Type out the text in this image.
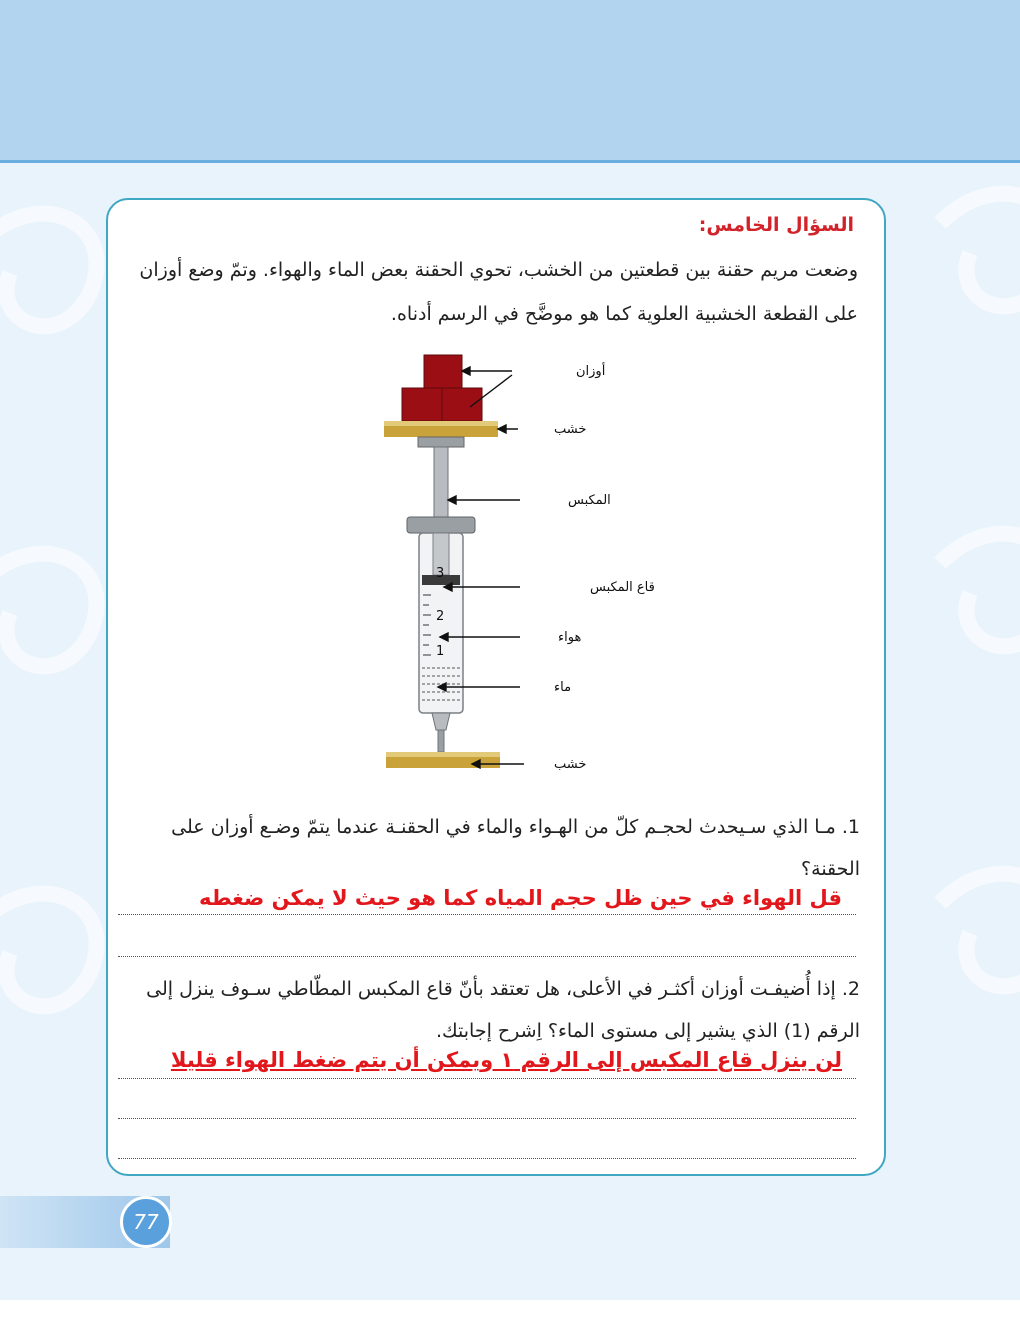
السؤال الخامس:
وضعت مريم حقنة بين قطعتين من الخشب، تحوي الحقنة بعض الماء والهواء. وتمّ وضع أوزان
على القطعة الخشبية العلوية كما هو موضَّح في الرسم أدناه.
3
2
1
أوزان
خشب
المكبس
قاع المكبس
هواء
ماء
خشب
1. مـا الذي سـيحدث لحجـم كلّ من الهـواء والماء في الحقنـة عندما يتمّ وضـع أوزان على
الحقنة؟
قل الهواء في حين ظل حجم المياه كما هو حيث لا يمكن ضغطه
2. إذا أُضيفـت أوزان أكثـر في الأعلى، هل تعتقد بأنّ قاع المكبس المطّاطي سـوف ينزل إلى
الرقم (1) الذي يشير إلى مستوى الماء؟ اِشرح إجابتك.
لن ينزل قاع المكبس إلى الرقم ١ ويمكن أن يتم ضغط الهواء قليلا
77
